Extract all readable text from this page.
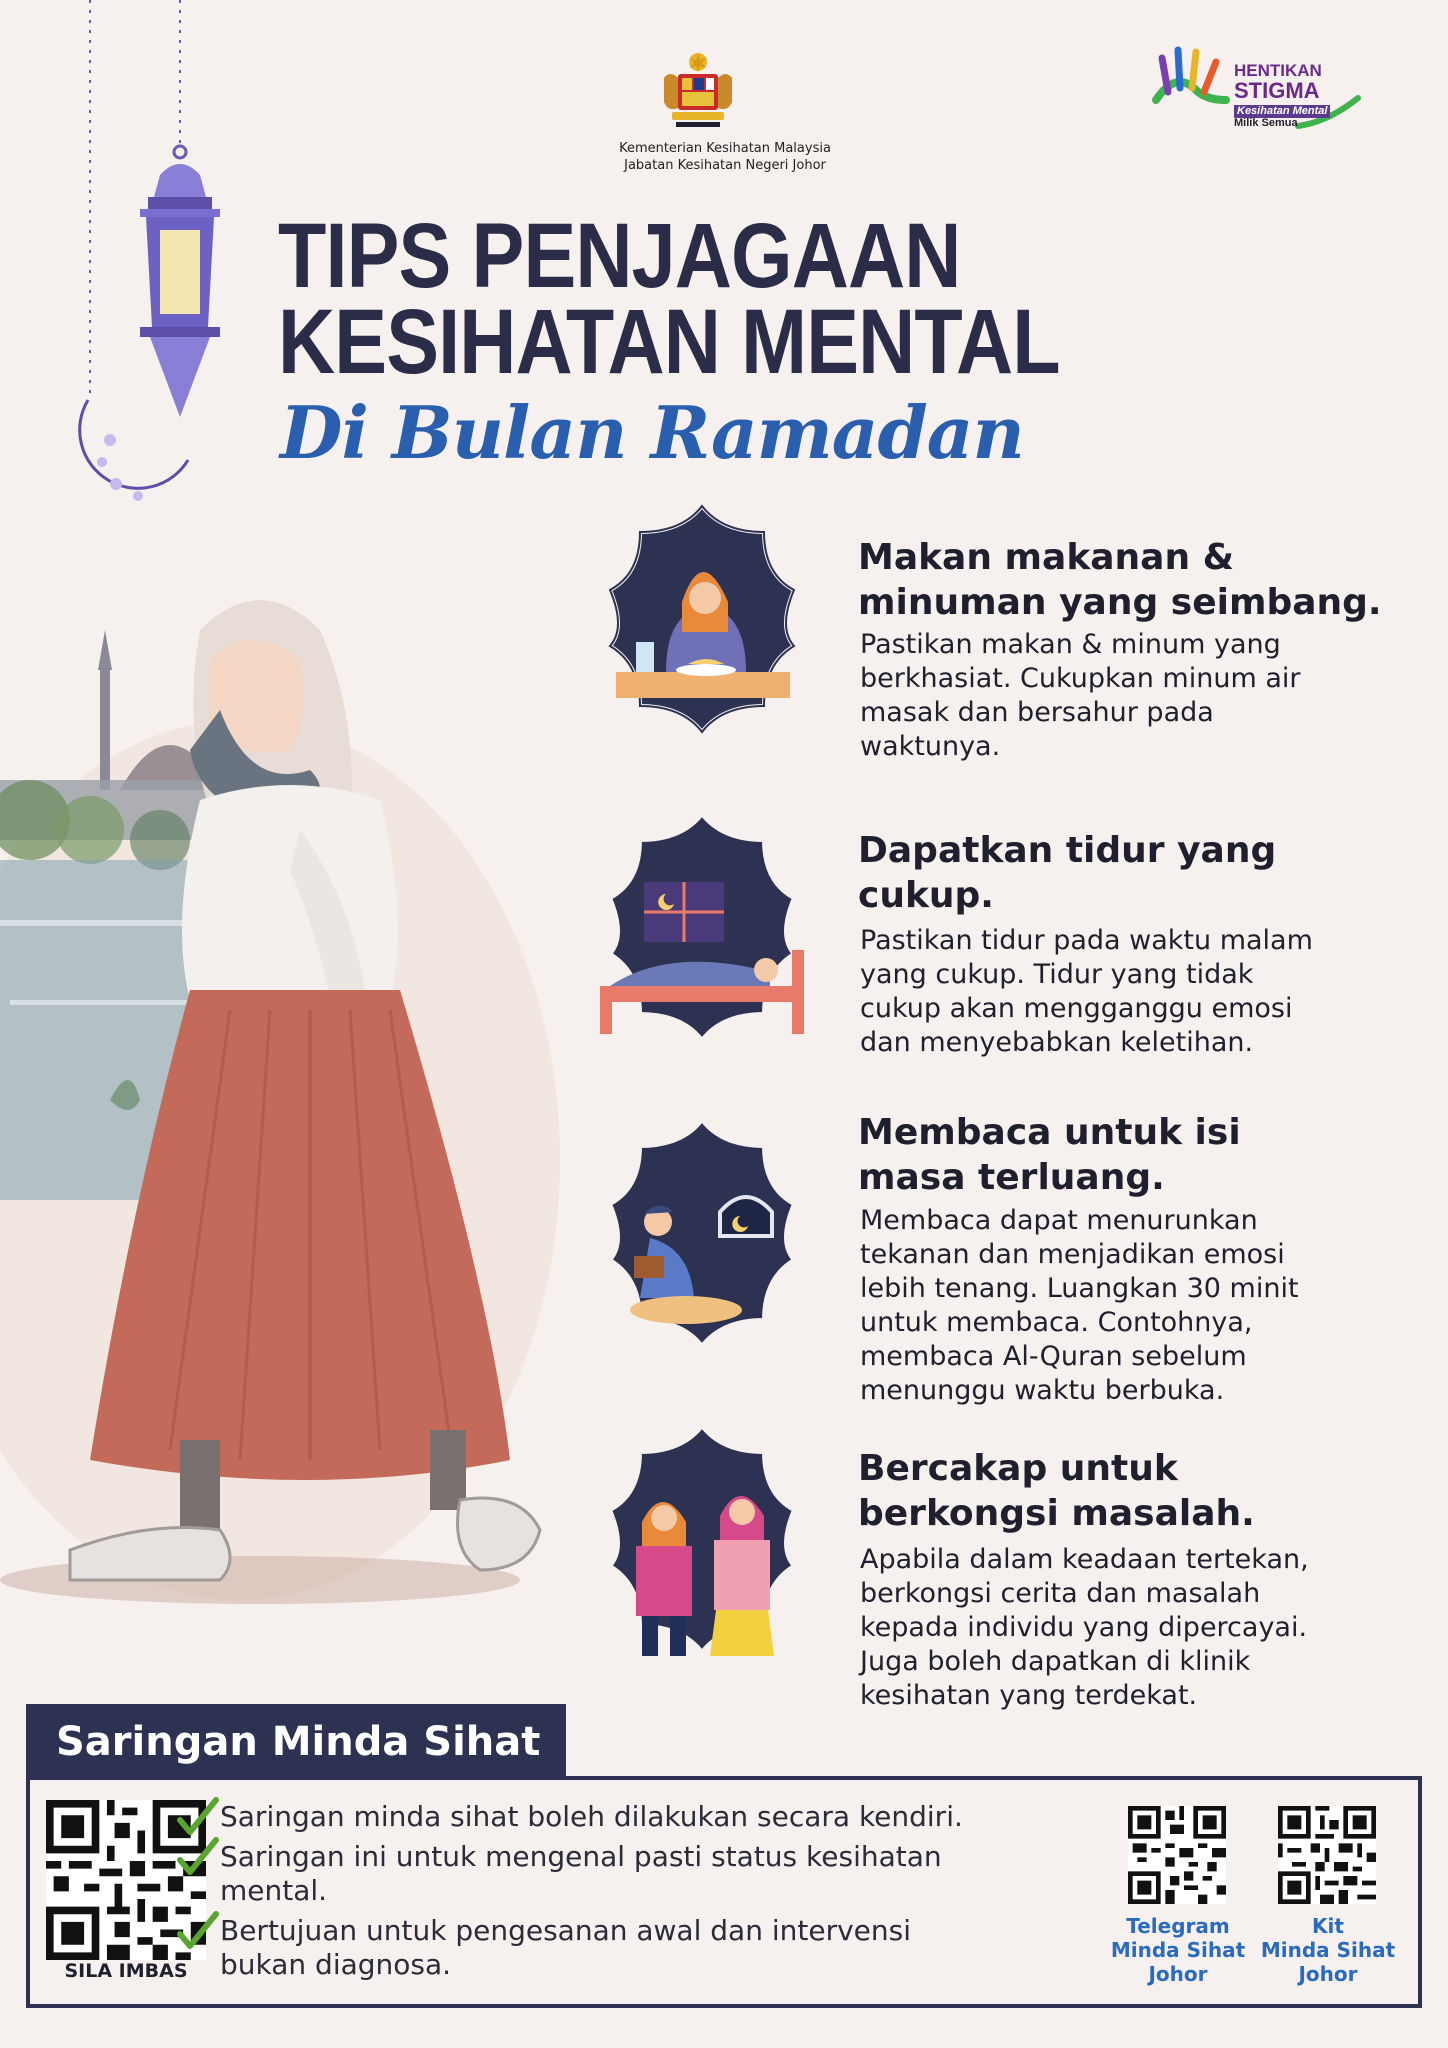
Kementerian Kesihatan Malaysia
Jabatan Kesihatan Negeri Johor
HENTIKAN
STIGMA
Kesihatan Mental
Milik Semua
TIPS PENJAGAAN
KESIHATAN MENTAL
Di Bulan Ramadan
Makan makanan &
minuman yang seimbang.
Pastikan makan & minum yang
berkhasiat. Cukupkan minum air
masak dan bersahur pada
waktunya.
Dapatkan tidur yang
cukup.
Pastikan tidur pada waktu malam
yang cukup. Tidur yang tidak
cukup akan mengganggu emosi
dan menyebabkan keletihan.
Membaca untuk isi
masa terluang.
Membaca dapat menurunkan
tekanan dan menjadikan emosi
lebih tenang. Luangkan 30 minit
untuk membaca. Contohnya,
membaca Al-Quran sebelum
menunggu waktu berbuka.
Bercakap untuk
berkongsi masalah.
Apabila dalam keadaan tertekan,
berkongsi cerita dan masalah
kepada individu yang dipercayai.
Juga boleh dapatkan di klinik
kesihatan yang terdekat.
Saringan Minda Sihat
SILA IMBAS
Saringan minda sihat boleh dilakukan secara kendiri.
Saringan ini untuk mengenal pasti status kesihatan
mental.
Bertujuan untuk pengesanan awal dan intervensi
bukan diagnosa.
Telegram
Minda Sihat
Johor
Kit
Minda Sihat
Johor
